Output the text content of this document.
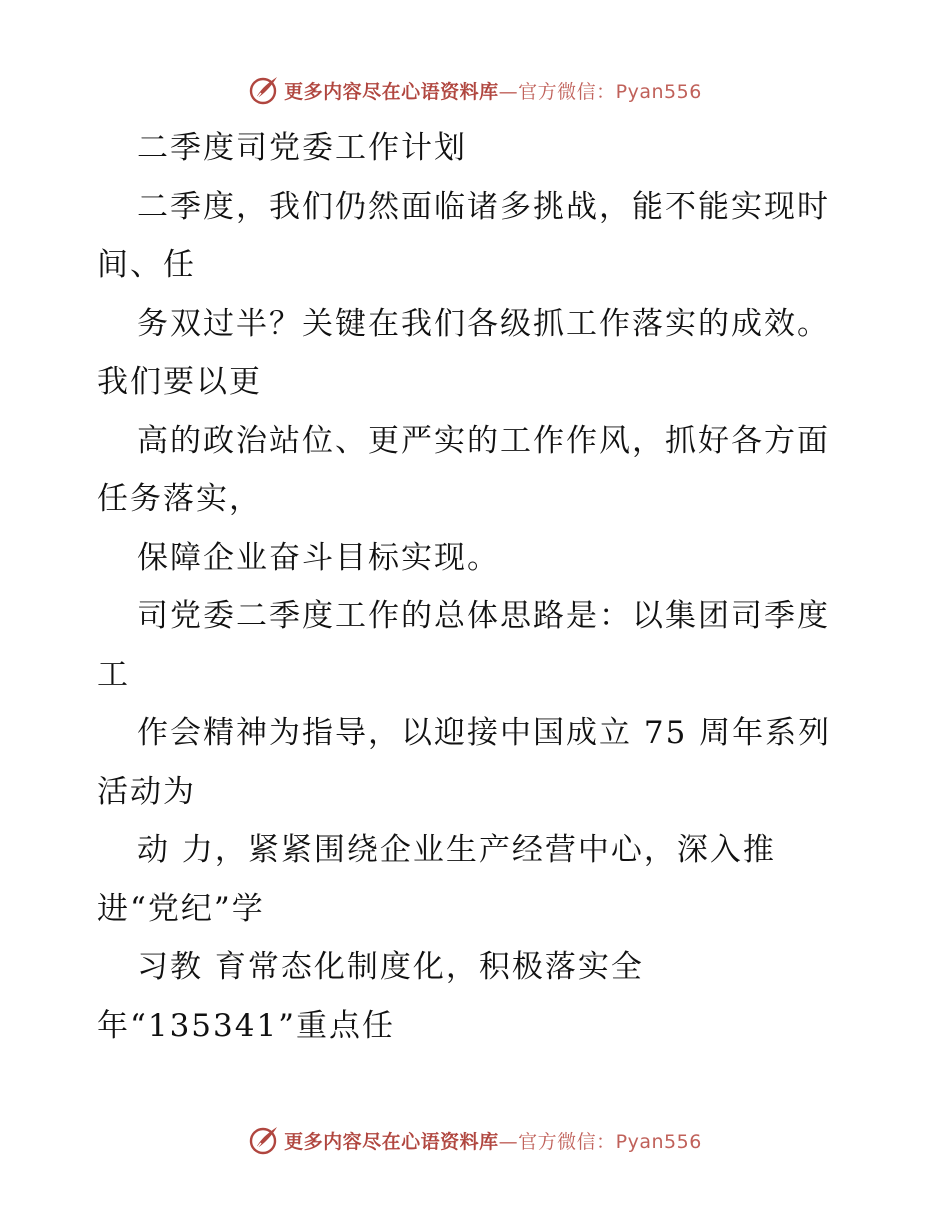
更多内容尽在心语资料库—官方微信：Pyan556
二季度司党委工作计划
二季度，我们仍然面临诸多挑战，能不能实现时
间、任
务双过半？关键在我们各级抓工作落实的成效。
我们要以更
高的政治站位、更严实的工作作风，抓好各方面
任务落实，
保障企业奋斗目标实现。
司党委二季度工作的总体思路是：以集团司季度
工
作会精神为指导，以迎接中国成立 75 周年系列
活动为
动 力，紧紧围绕企业生产经营中心，深入推
进“党纪”学
习教 育常态化制度化，积极落实全
年“135341”重点任
更多内容尽在心语资料库—官方微信：Pyan556
